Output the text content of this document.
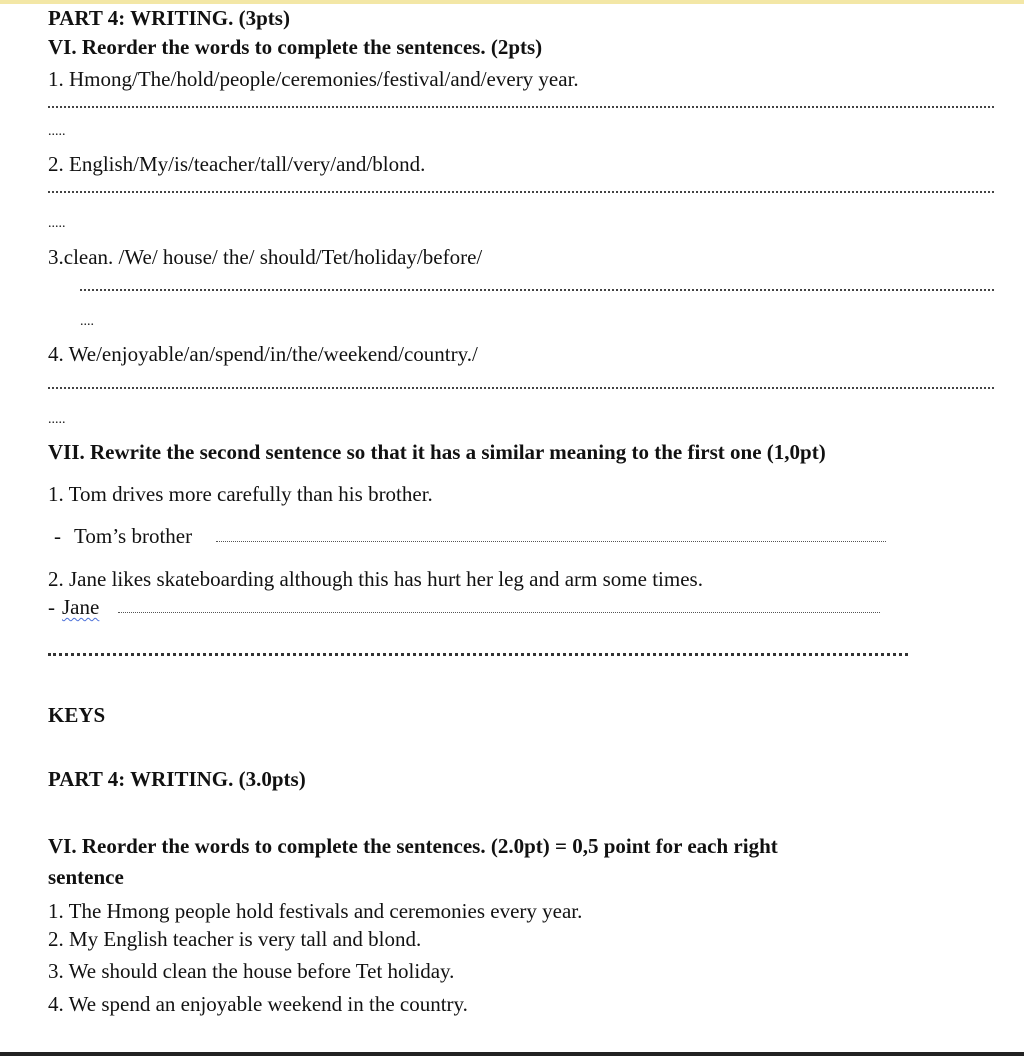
PART 4: WRITING. (3pts)
VI. Reorder the words to complete the sentences. (2pts)
1. Hmong/The/hold/people/ceremonies/festival/and/every year.
.....
2. English/My/is/teacher/tall/very/and/blond.
.....
3.clean. /We/ house/ the/ should/Tet/holiday/before/
....
4. We/enjoyable/an/spend/in/the/weekend/country./
.....
VII. Rewrite the second sentence so that it has a similar meaning to the first one (1,0pt)
1. Tom drives more carefully than his brother.
- Tom’s brother
2. Jane likes skateboarding although this has hurt her leg and arm some times.
- Jane
KEYS
PART 4: WRITING. (3.0pts)
VI. Reorder the words to complete the sentences. (2.0pt) = 0,5 point for each right
sentence
1. The Hmong people hold festivals and ceremonies every year.
2. My English teacher is very tall and blond.
3. We should clean the house before Tet holiday.
4. We spend an enjoyable weekend in the country.
